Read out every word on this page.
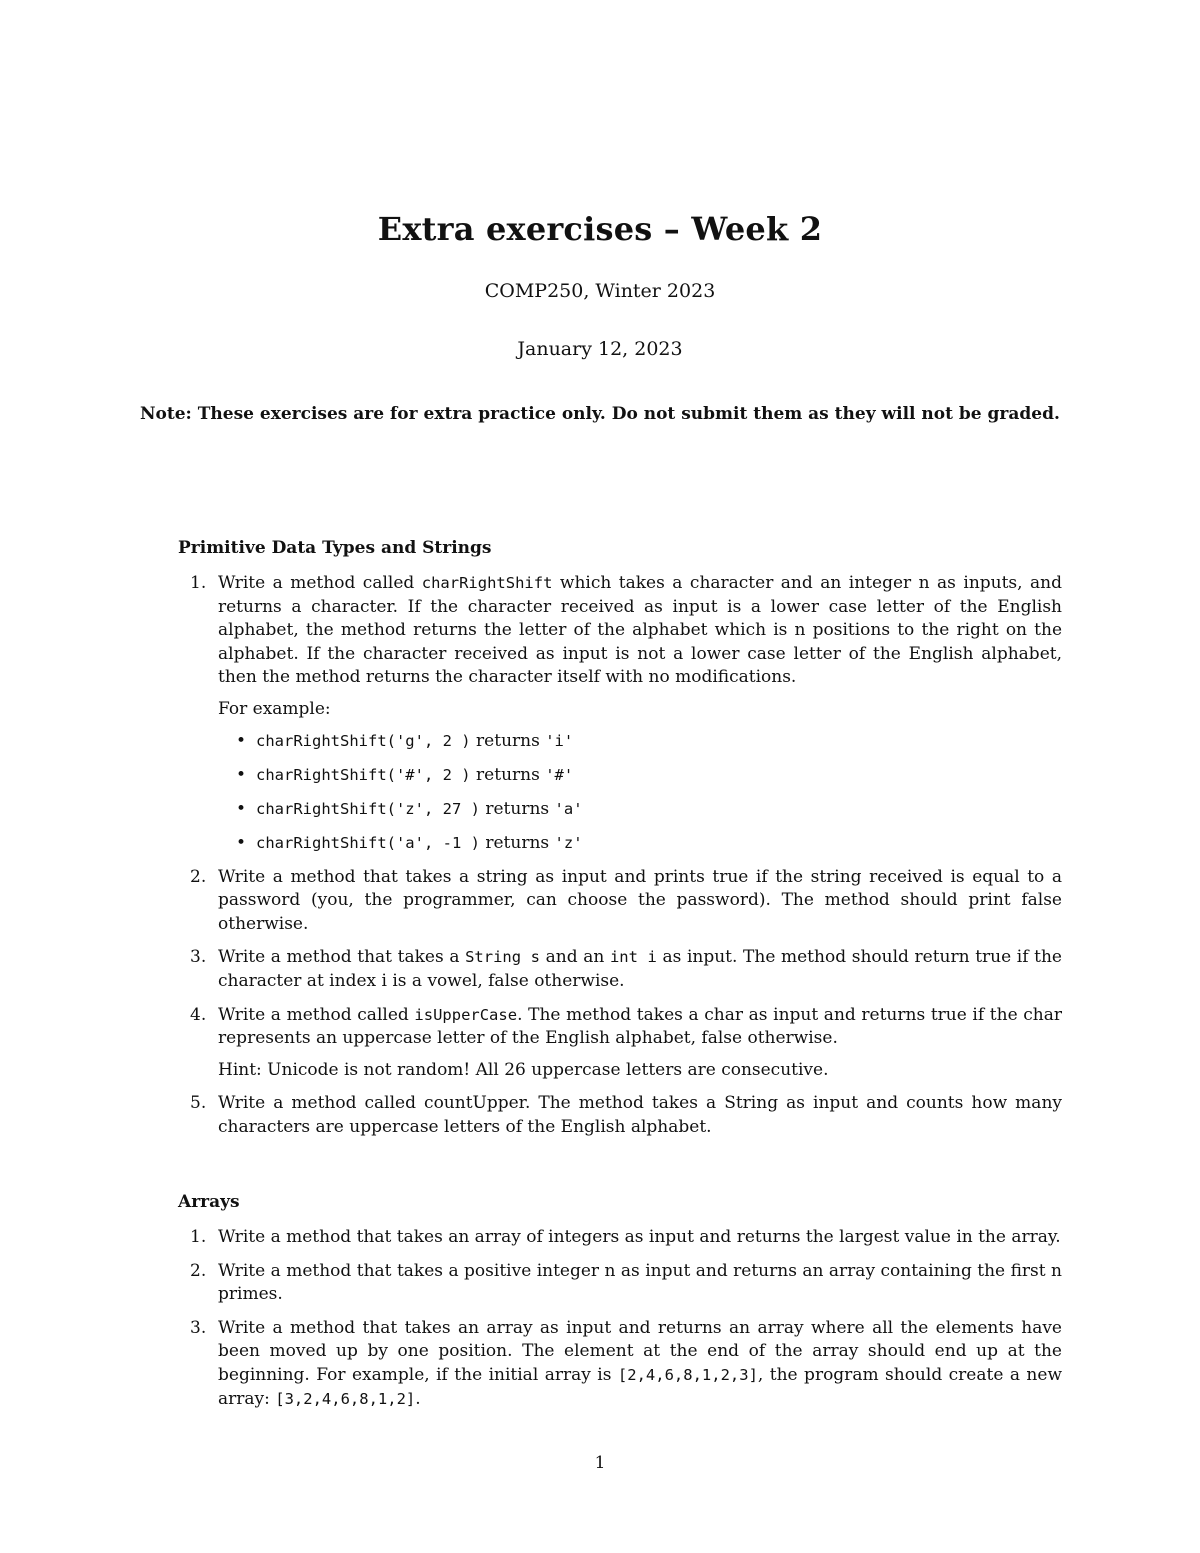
Extra exercises – Week 2
COMP250, Winter 2023
January 12, 2023
Note: These exercises are for extra practice only. Do not submit them as they will not be graded.
Primitive Data Types and Strings
1. Write a method called charRightShift which takes a character and an integer n as inputs, and returns a character. If the character received as input is a lower case letter of the English alphabet, the method returns the letter of the alphabet which is n positions to the right on the alphabet. If the character received as input is not a lower case letter of the English alphabet, then the method returns the character itself with no modifications.
For example:
• charRightShift('g', 2 ) returns 'i'
• charRightShift('#', 2 ) returns '#'
• charRightShift('z', 27 ) returns 'a'
• charRightShift('a', -1 ) returns 'z'
2. Write a method that takes a string as input and prints true if the string received is equal to a password (you, the programmer, can choose the password). The method should print false otherwise.
3. Write a method that takes a String s and an int i as input. The method should return true if the character at index i is a vowel, false otherwise.
4. Write a method called isUpperCase. The method takes a char as input and returns true if the char represents an uppercase letter of the English alphabet, false otherwise.
Hint: Unicode is not random! All 26 uppercase letters are consecutive.
5. Write a method called countUpper. The method takes a String as input and counts how many characters are uppercase letters of the English alphabet.
Arrays
1. Write a method that takes an array of integers as input and returns the largest value in the array.
2. Write a method that takes a positive integer n as input and returns an array containing the first n primes.
3. Write a method that takes an array as input and returns an array where all the elements have been moved up by one position. The element at the end of the array should end up at the beginning. For example, if the initial array is [2,4,6,8,1,2,3], the program should create a new array: [3,2,4,6,8,1,2].
1
